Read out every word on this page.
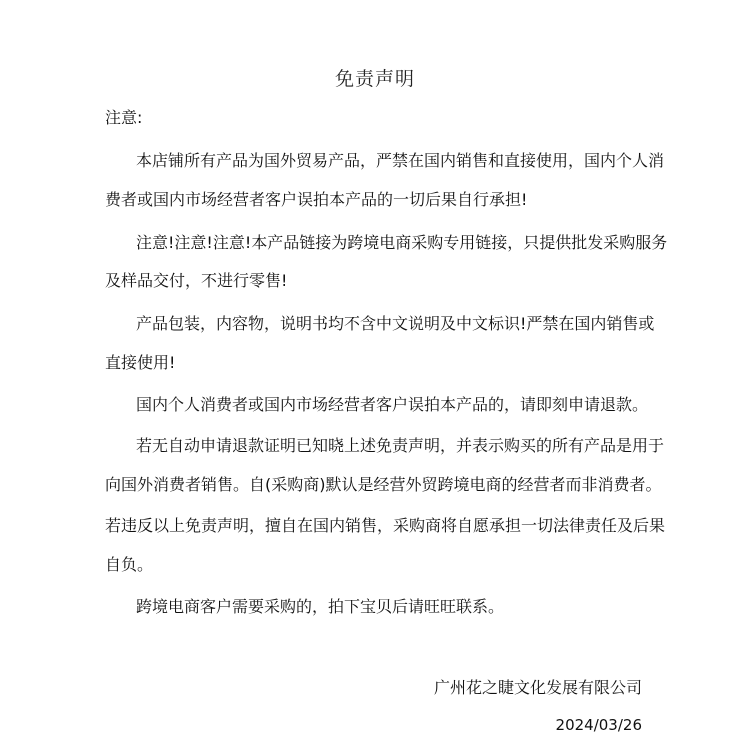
免责声明
注意:
本店铺所有产品为国外贸易产品，严禁在国内销售和直接使用，国内个人消
费者或国内市场经营者客户误拍本产品的一切后果自行承担!
注意!注意!注意!本产品链接为跨境电商采购专用链接，只提供批发采购服务
及样品交付，不进行零售!
产品包装，内容物，说明书均不含中文说明及中文标识!严禁在国内销售或
直接使用!
国内个人消费者或国内市场经营者客户误拍本产品的，请即刻申请退款。
若无自动申请退款证明已知晓上述免责声明，并表示购买的所有产品是用于
向国外消费者销售。自(采购商)默认是经营外贸跨境电商的经营者而非消费者。
若违反以上免责声明，擅自在国内销售，采购商将自愿承担一切法律责任及后果
自负。
跨境电商客户需要采购的，拍下宝贝后请旺旺联系。
广州花之睫文化发展有限公司
2024/03/26
